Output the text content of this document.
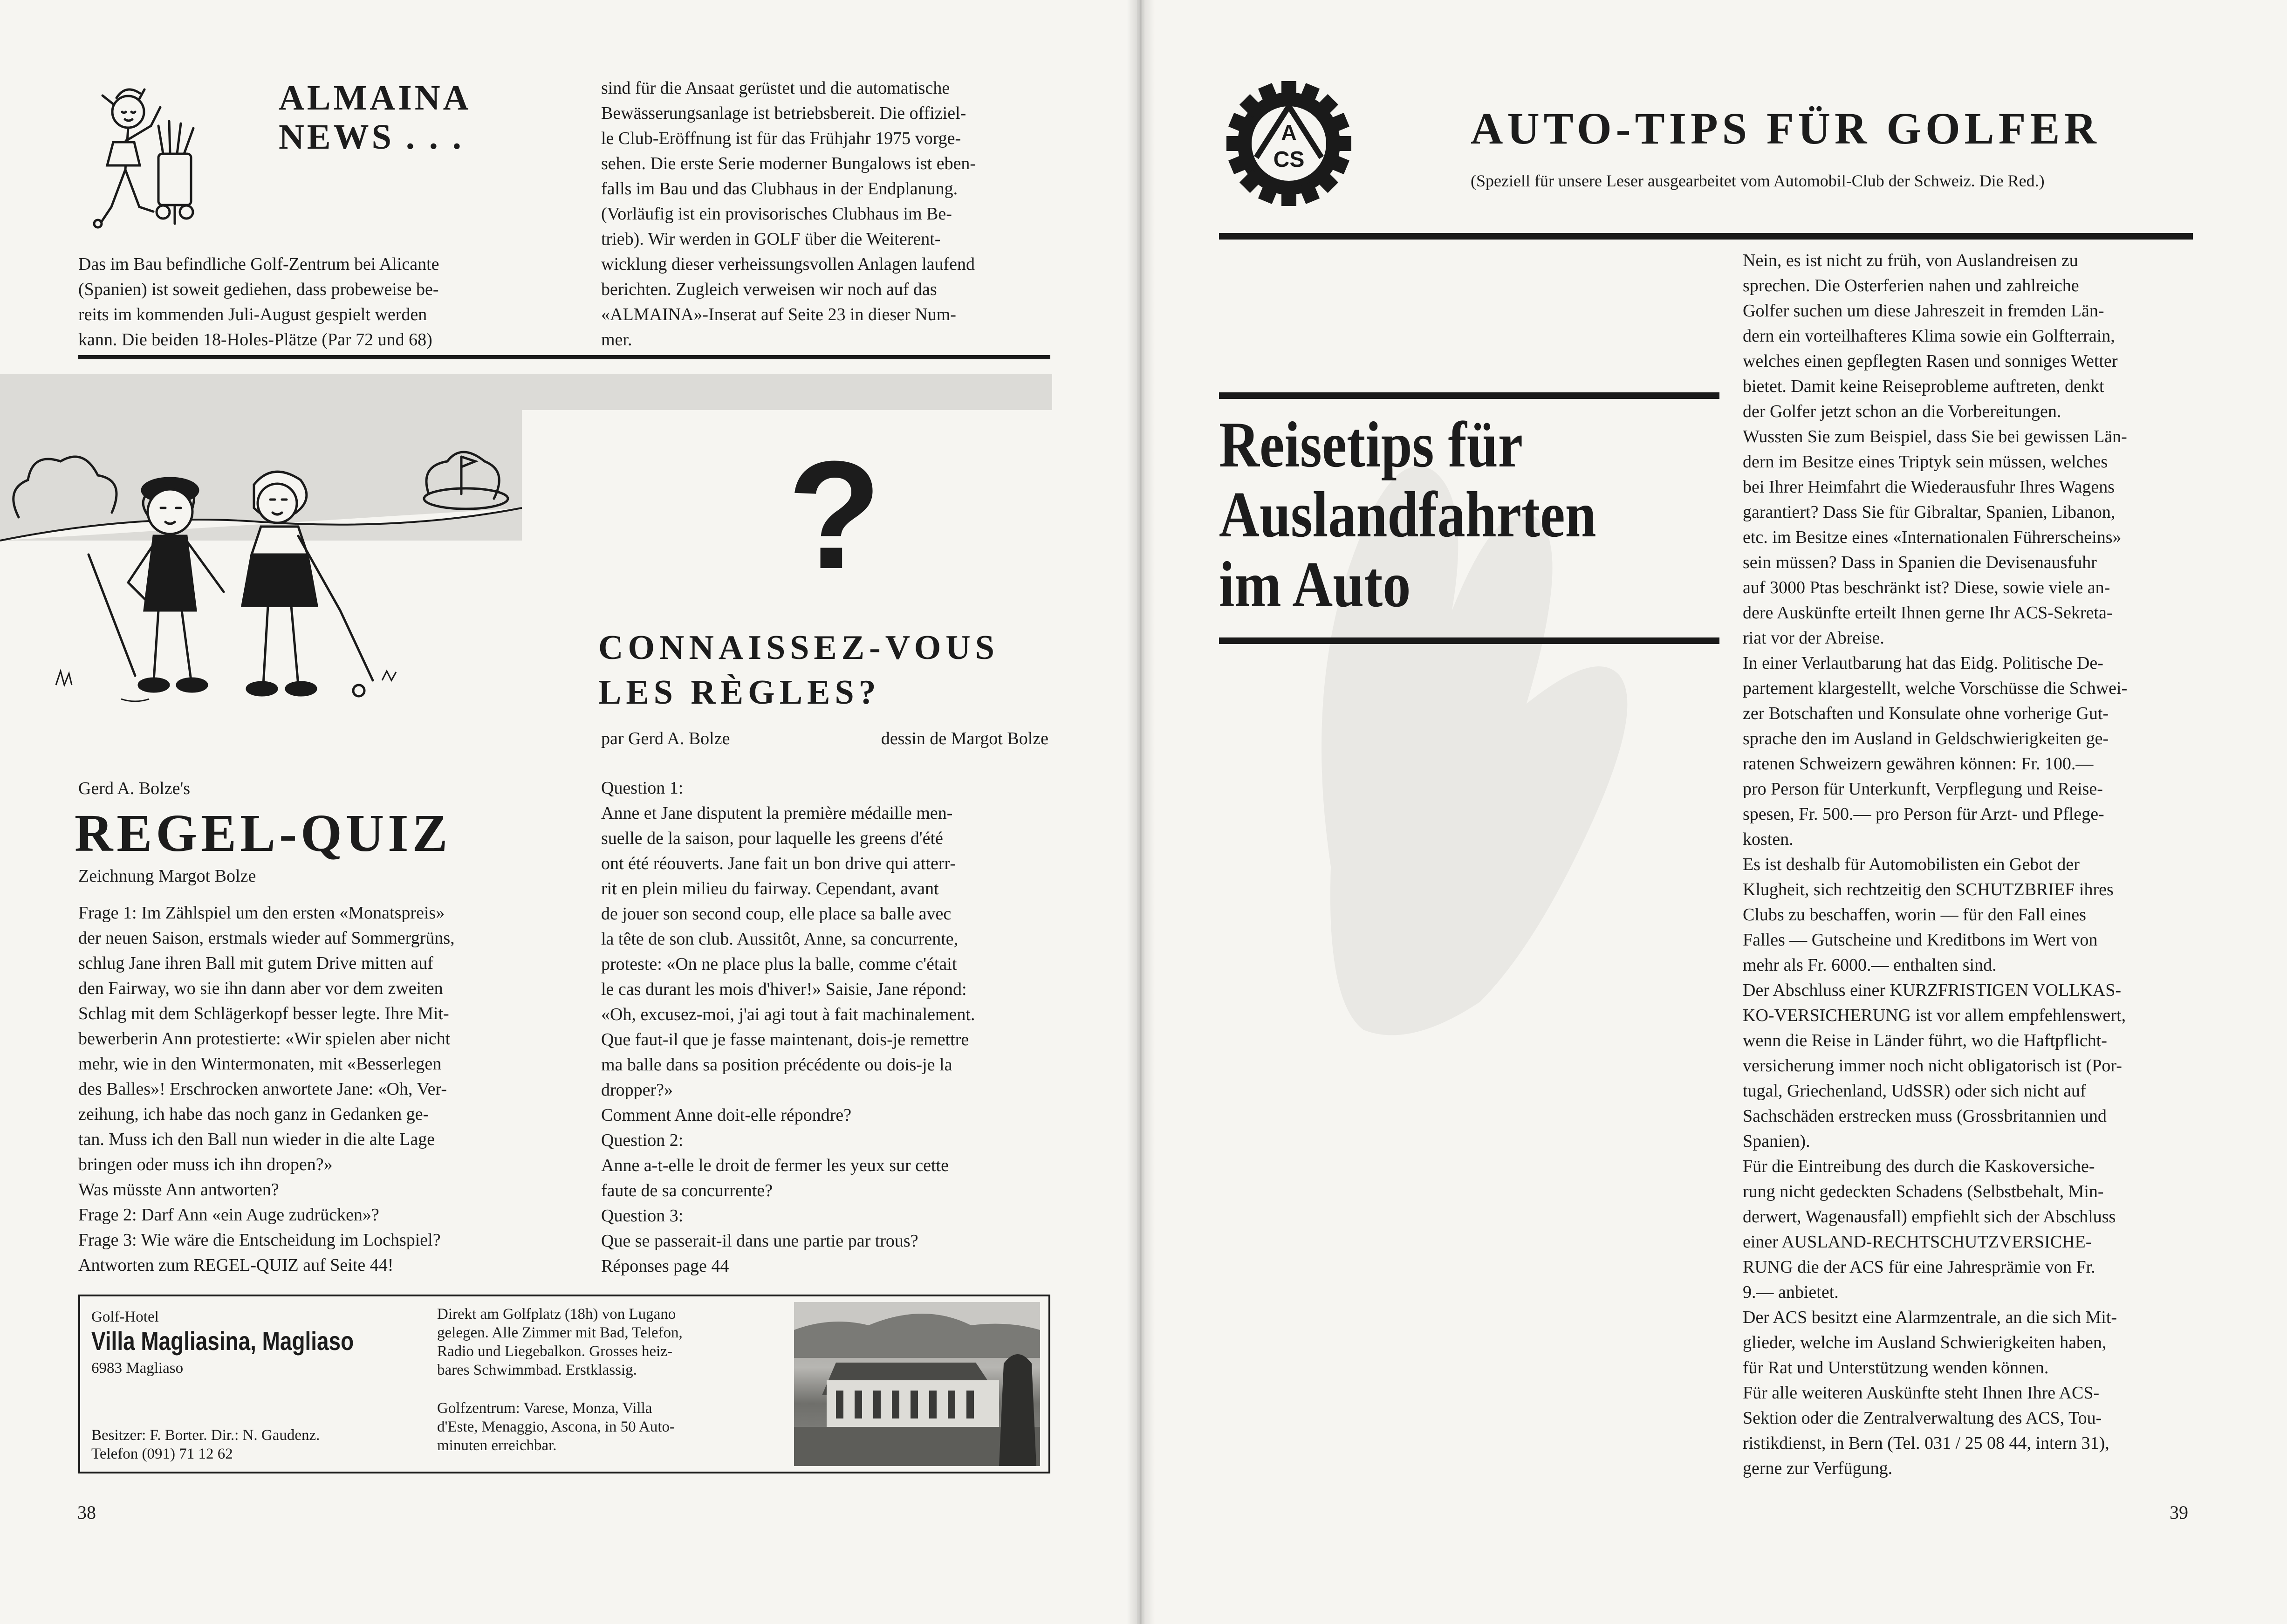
ALMAINA
NEWS . . .

Das im Bau befindliche Golf-Zentrum bei Alicante

(Spanien) ist soweit gediehen, dass probeweise be-

reits im kommenden Juli-August gespielt werden

kann. Die beiden 18-Holes-Plätze (Par 72 und 68)

sind für die Ansaat gerüstet und die automatische

Bewässerungsanlage ist betriebsbereit. Die offiziel-

le Club-Eröffnung ist für das Frühjahr 1975 vorge-

sehen. Die erste Serie moderner Bungalows ist eben-

falls im Bau und das Clubhaus in der Endplanung.

(Vorläufig ist ein provisorisches Clubhaus im Be-

trieb). Wir werden in GOLF über die Weiterent-

wicklung dieser verheissungsvollen Anlagen laufend

berichten. Zugleich verweisen wir noch auf das

«ALMAINA»-Inserat auf Seite 23 in dieser Num-

mer.

?
CONNAISSEZ-VOUS
LES RÈGLES?
par Gerd A. Bolze	dessin de Margot Bolze

Question 1:

Anne et Jane disputent la première médaille men-

suelle de la saison, pour laquelle les greens d'été

ont été réouverts. Jane fait un bon drive qui atterr-

rit en plein milieu du fairway. Cependant, avant

de jouer son second coup, elle place sa balle avec

la tête de son club. Aussitôt, Anne, sa concurrente,

proteste: «On ne place plus la balle, comme c'était

le cas durant les mois d'hiver!» Saisie, Jane répond:

«Oh, excusez-moi, j'ai agi tout à fait machinalement.

Que faut-il que je fasse maintenant, dois-je remettre

ma balle dans sa position précédente ou dois-je la

dropper?»

Comment Anne doit-elle répondre?

Question 2:

Anne a-t-elle le droit de fermer les yeux sur cette

faute de sa concurrente?

Question 3:

Que se passerait-il dans une partie par trous?

Réponses page 44

Gerd A. Bolze's
REGEL-QUIZ
Zeichnung Margot Bolze

Frage 1: Im Zählspiel um den ersten «Monatspreis»

der neuen Saison, erstmals wieder auf Sommergrüns,

schlug Jane ihren Ball mit gutem Drive mitten auf

den Fairway, wo sie ihn dann aber vor dem zweiten

Schlag mit dem Schlägerkopf besser legte. Ihre Mit-

bewerberin Ann protestierte: «Wir spielen aber nicht

mehr, wie in den Wintermonaten, mit «Besserlegen

des Balles»! Erschrocken anwortete Jane: «Oh, Ver-

zeihung, ich habe das noch ganz in Gedanken ge-

tan. Muss ich den Ball nun wieder in die alte Lage

bringen oder muss ich ihn dropen?»

Was müsste Ann antworten?

Frage 2: Darf Ann «ein Auge zudrücken»?

Frage 3: Wie wäre die Entscheidung im Lochspiel?

Antworten zum REGEL-QUIZ auf Seite 44!

Golf-Hotel
Villa Magliasina, Magliaso
6983 Magliaso
Besitzer: F. Borter. Dir.: N. Gaudenz.
Telefon (091) 71 12 62
Direkt am Golfplatz (18h) von Lugano
gelegen. Alle Zimmer mit Bad, Telefon,
Radio und Liegebalkon. Grosses heiz-
bares Schwimmbad. Erstklassig.
Golfzentrum: Varese, Monza, Villa
d'Este, Menaggio, Ascona, in 50 Auto-
minuten erreichbar.
38
A
CS
AUTO-TIPS FÜR GOLFER
(Speziell für unsere Leser ausgearbeitet vom Automobil-Club der Schweiz. Die Red.)
Reisetips für
Auslandfahrten
im Auto

Nein, es ist nicht zu früh, von Auslandreisen zu

sprechen. Die Osterferien nahen und zahlreiche

Golfer suchen um diese Jahreszeit in fremden Län-

dern ein vorteilhafteres Klima sowie ein Golfterrain,

welches einen gepflegten Rasen und sonniges Wetter

bietet. Damit keine Reiseprobleme auftreten, denkt

der Golfer jetzt schon an die Vorbereitungen.

Wussten Sie zum Beispiel, dass Sie bei gewissen Län-

dern im Besitze eines Triptyk sein müssen, welches

bei Ihrer Heimfahrt die Wiederausfuhr Ihres Wagens

garantiert? Dass Sie für Gibraltar, Spanien, Libanon,

etc. im Besitze eines «Internationalen Führerscheins»

sein müssen? Dass in Spanien die Devisenausfuhr

auf 3000 Ptas beschränkt ist? Diese, sowie viele an-

dere Auskünfte erteilt Ihnen gerne Ihr ACS-Sekreta-

riat vor der Abreise.

In einer Verlautbarung hat das Eidg. Politische De-

partement klargestellt, welche Vorschüsse die Schwei-

zer Botschaften und Konsulate ohne vorherige Gut-

sprache den im Ausland in Geldschwierigkeiten ge-

ratenen Schweizern gewähren können: Fr. 100.—

pro Person für Unterkunft, Verpflegung und Reise-

spesen, Fr. 500.— pro Person für Arzt- und Pflege-

kosten.

Es ist deshalb für Automobilisten ein Gebot der

Klugheit, sich rechtzeitig den SCHUTZBRIEF ihres

Clubs zu beschaffen, worin — für den Fall eines

Falles — Gutscheine und Kreditbons im Wert von

mehr als Fr. 6000.— enthalten sind.

Der Abschluss einer KURZFRISTIGEN VOLLKAS-

KO-VERSICHERUNG ist vor allem empfehlenswert,

wenn die Reise in Länder führt, wo die Haftpflicht-

versicherung immer noch nicht obligatorisch ist (Por-

tugal, Griechenland, UdSSR) oder sich nicht auf

Sachschäden erstrecken muss (Grossbritannien und

Spanien).

Für die Eintreibung des durch die Kaskoversiche-

rung nicht gedeckten Schadens (Selbstbehalt, Min-

derwert, Wagenausfall) empfiehlt sich der Abschluss

einer AUSLAND-RECHTSCHUTZVERSICHE-

RUNG die der ACS für eine Jahresprämie von Fr.

9.— anbietet.

Der ACS besitzt eine Alarmzentrale, an die sich Mit-

glieder, welche im Ausland Schwierigkeiten haben,

für Rat und Unterstützung wenden können.

Für alle weiteren Auskünfte steht Ihnen Ihre ACS-

Sektion oder die Zentralverwaltung des ACS, Tou-

ristikdienst, in Bern (Tel. 031 / 25 08 44, intern 31),

gerne zur Verfügung.

39
